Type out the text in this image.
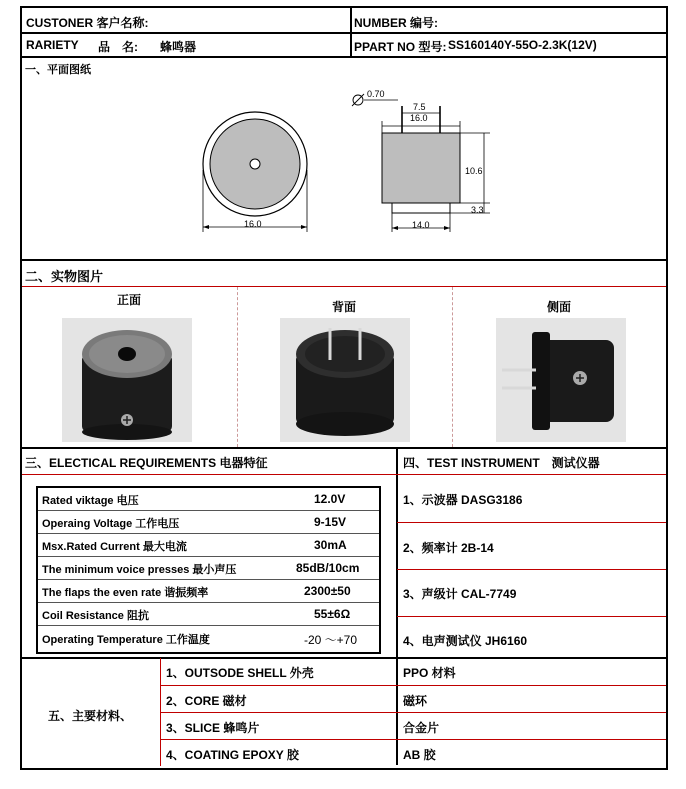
CUSTONER 客户名称:	NUMBER 编号:
RARIETY 品　名: 蜂鸣器	PPART NO 型号: SS160140Y-55O-2.3K(12V)
一、平面图纸
16.0
0.70
7.5
16.0
10.6
3.3
14.0
二、实物图片
正面	背面	侧面
三、ELECTICAL REQUIREMENTS 电器特征	四、TEST INSTRUMENT　测试仪器
Rated viktage 电压	12.0V
Operaing Voltage 工作电压	9-15V
Msx.Rated Current 最大电流	30mA
The minimum voice presses 最小声压	85dB/10cm
The flaps the even rate 谐振频率	2300±50
Coil Resistance 阻抗	55±6Ω
Operating Temperature 工作温度	-20 ～+70
1、示波器 DASG3186
2、频率计 2B-14
3、声级计 CAL-7749
4、电声测试仪 JH6160
五、主要材料、
1、OUTSODE SHELL 外壳	PPO 材料
2、CORE 磁材	磁环
3、SLICE 蜂鸣片	合金片
4、COATING EPOXY 胶	AB 胶
